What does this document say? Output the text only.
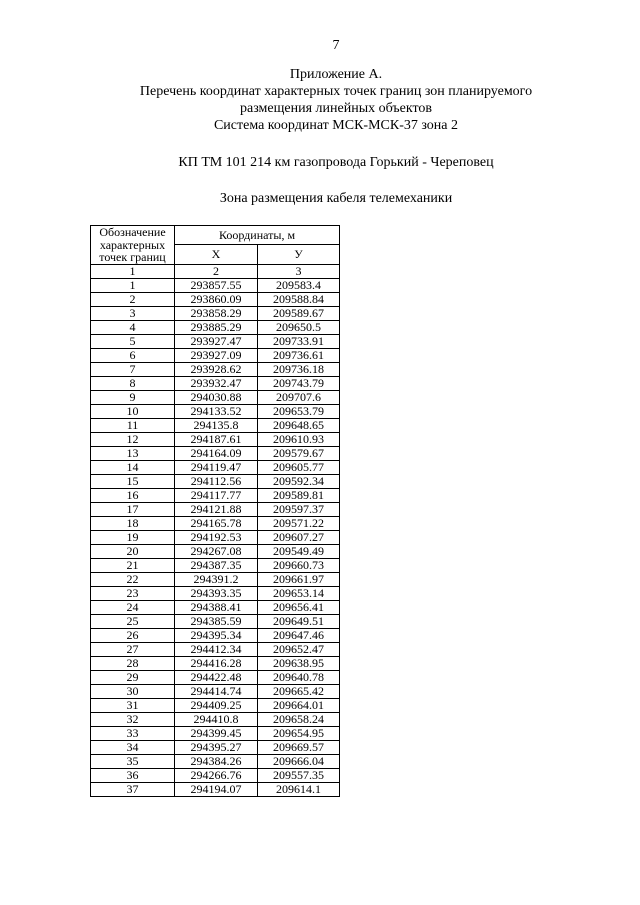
7
Приложение А.
Перечень координат характерных точек границ зон планируемого
размещения линейных объектов
Система координат МСК-МСК-37 зона 2
КП ТМ 101 214 км газопровода Горький - Череповец
Зона размещения кабеля телемеханики
Обозначение характерных точек границ	Координаты, м	
	Х	У
1	2	3
1	293857.55	209583.4
2	293860.09	209588.84
3	293858.29	209589.67
4	293885.29	209650.5
5	293927.47	209733.91
6	293927.09	209736.61
7	293928.62	209736.18
8	293932.47	209743.79
9	294030.88	209707.6
10	294133.52	209653.79
11	294135.8	209648.65
12	294187.61	209610.93
13	294164.09	209579.67
14	294119.47	209605.77
15	294112.56	209592.34
16	294117.77	209589.81
17	294121.88	209597.37
18	294165.78	209571.22
19	294192.53	209607.27
20	294267.08	209549.49
21	294387.35	209660.73
22	294391.2	209661.97
23	294393.35	209653.14
24	294388.41	209656.41
25	294385.59	209649.51
26	294395.34	209647.46
27	294412.34	209652.47
28	294416.28	209638.95
29	294422.48	209640.78
30	294414.74	209665.42
31	294409.25	209664.01
32	294410.8	209658.24
33	294399.45	209654.95
34	294395.27	209669.57
35	294384.26	209666.04
36	294266.76	209557.35
37	294194.07	209614.1
